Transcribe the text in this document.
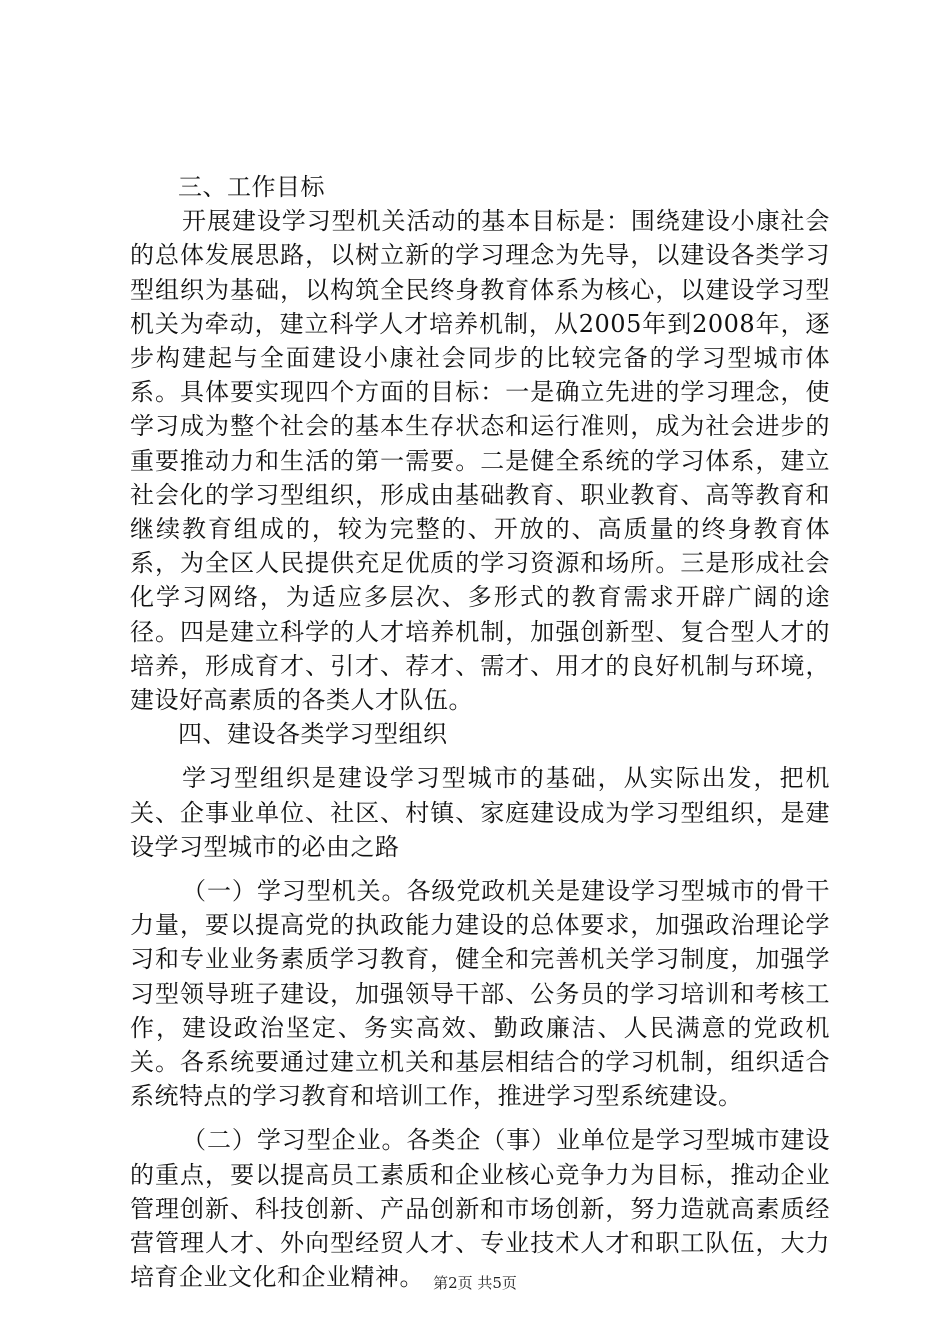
三、工作目标

开展建设学习型机关活动的基本目标是：围绕建设小康社会的总体发展思路，以树立新的学习理念为先导，以建设各类学习型组织为基础，以构筑全民终身教育体系为核心，以建设学习型机关为牵动，建立科学人才培养机制，从2005年到2008年，逐步构建起与全面建设小康社会同步的比较完备的学习型城市体系。具体要实现四个方面的目标：一是确立先进的学习理念，使学习成为整个社会的基本生存状态和运行准则，成为社会进步的重要推动力和生活的第一需要。二是健全系统的学习体系，建立社会化的学习型组织，形成由基础教育、职业教育、高等教育和继续教育组成的，较为完整的、开放的、高质量的终身教育体系，为全区人民提供充足优质的学习资源和场所。三是形成社会化学习网络，为适应多层次、多形式的教育需求开辟广阔的途径。四是建立科学的人才培养机制，加强创新型、复合型人才的培养，形成育才、引才、荐才、需才、用才的良好机制与环境，建设好高素质的各类人才队伍。

四、建设各类学习型组织

学习型组织是建设学习型城市的基础，从实际出发，把机关、企事业单位、社区、村镇、家庭建设成为学习型组织，是建设学习型城市的必由之路

（一）学习型机关。各级党政机关是建设学习型城市的骨干力量，要以提高党的执政能力建设的总体要求，加强政治理论学习和专业业务素质学习教育，健全和完善机关学习制度，加强学习型领导班子建设，加强领导干部、公务员的学习培训和考核工作，建设政治坚定、务实高效、勤政廉洁、人民满意的党政机关。各系统要通过建立机关和基层相结合的学习机制，组织适合系统特点的学习教育和培训工作，推进学习型系统建设。

（二）学习型企业。各类企（事）业单位是学习型城市建设的重点，要以提高员工素质和企业核心竞争力为目标，推动企业管理创新、科技创新、产品创新和市场创新，努力造就高素质经营管理人才、外向型经贸人才、专业技术人才和职工队伍，大力培育企业文化和企业精神。 第2页 共5页
